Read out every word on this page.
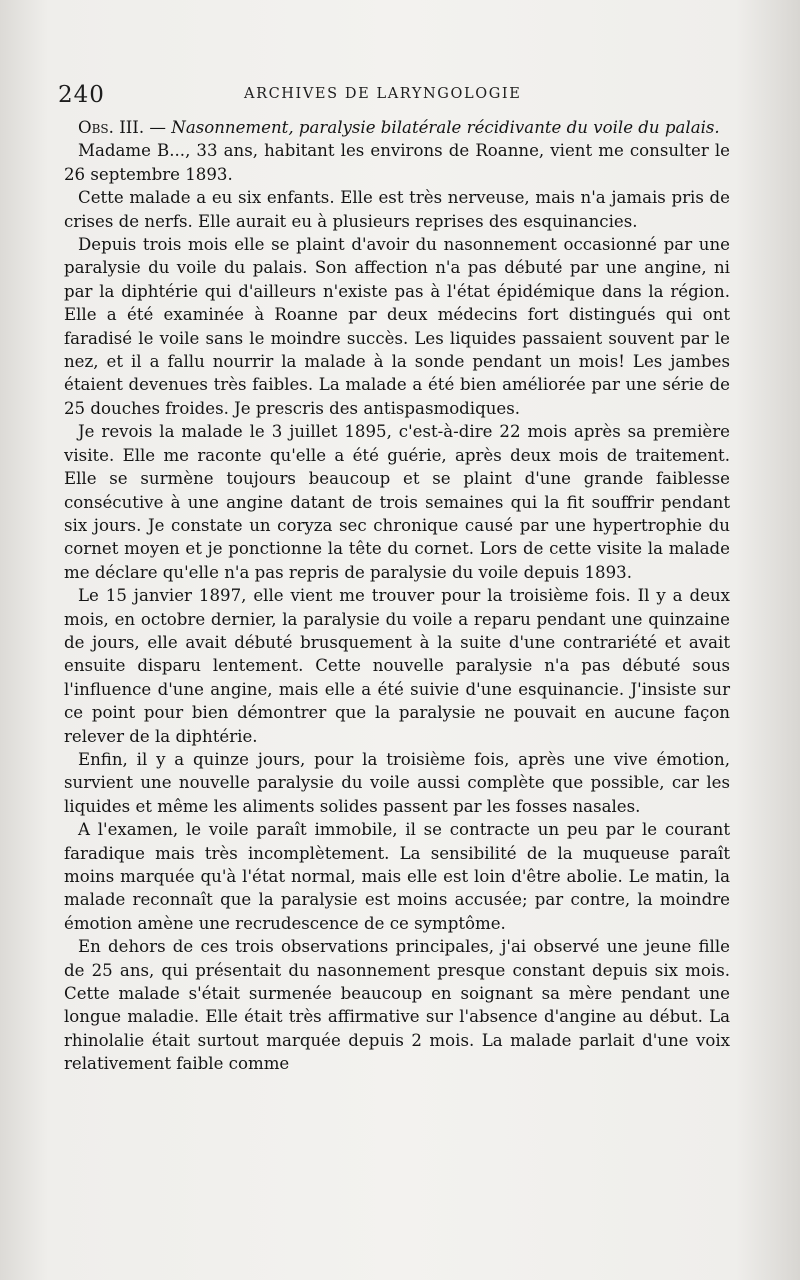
240	ARCHIVES DE LARYNGOLOGIE

Obs. III. — Nasonnement, paralysie bilatérale récidivante du voile du palais.

Madame B..., 33 ans, habitant les environs de Roanne, vient me consulter le 26 septembre 1893.

Cette malade a eu six enfants. Elle est très nerveuse, mais n'a jamais pris de crises de nerfs. Elle aurait eu à plusieurs reprises des esquinancies.

Depuis trois mois elle se plaint d'avoir du nasonnement occasionné par une paralysie du voile du palais. Son affection n'a pas débuté par une angine, ni par la diphtérie qui d'ailleurs n'existe pas à l'état épidémique dans la région. Elle a été examinée à Roanne par deux médecins fort distingués qui ont faradisé le voile sans le moindre succès. Les liquides passaient souvent par le nez, et il a fallu nourrir la malade à la sonde pendant un mois! Les jambes étaient devenues très faibles. La malade a été bien améliorée par une série de 25 douches froides. Je prescris des antispasmodiques.

Je revois la malade le 3 juillet 1895, c'est-à-dire 22 mois après sa première visite. Elle me raconte qu'elle a été guérie, après deux mois de traitement. Elle se surmène toujours beaucoup et se plaint d'une grande faiblesse consécutive à une angine datant de trois semaines qui la fit souffrir pendant six jours. Je constate un coryza sec chronique causé par une hypertrophie du cornet moyen et je ponctionne la tête du cornet. Lors de cette visite la malade me déclare qu'elle n'a pas repris de paralysie du voile depuis 1893.

Le 15 janvier 1897, elle vient me trouver pour la troisième fois. Il y a deux mois, en octobre dernier, la paralysie du voile a reparu pendant une quinzaine de jours, elle avait débuté brusquement à la suite d'une contrariété et avait ensuite disparu lentement. Cette nouvelle paralysie n'a pas débuté sous l'influence d'une angine, mais elle a été suivie d'une esquinancie. J'insiste sur ce point pour bien démontrer que la paralysie ne pouvait en aucune façon relever de la diphtérie.

Enfin, il y a quinze jours, pour la troisième fois, après une vive émotion, survient une nouvelle paralysie du voile aussi complète que possible, car les liquides et même les aliments solides passent par les fosses nasales.

A l'examen, le voile paraît immobile, il se contracte un peu par le courant faradique mais très incomplètement. La sensibilité de la muqueuse paraît moins marquée qu'à l'état normal, mais elle est loin d'être abolie. Le matin, la malade reconnaît que la paralysie est moins accusée; par contre, la moindre émotion amène une recrudescence de ce symptôme.

En dehors de ces trois observations principales, j'ai observé une jeune fille de 25 ans, qui présentait du nasonnement presque constant depuis six mois. Cette malade s'était surmenée beaucoup en soignant sa mère pendant une longue maladie. Elle était très affirmative sur l'absence d'angine au début. La rhinolalie était surtout marquée depuis 2 mois. La malade parlait d'une voix relativement faible comme
